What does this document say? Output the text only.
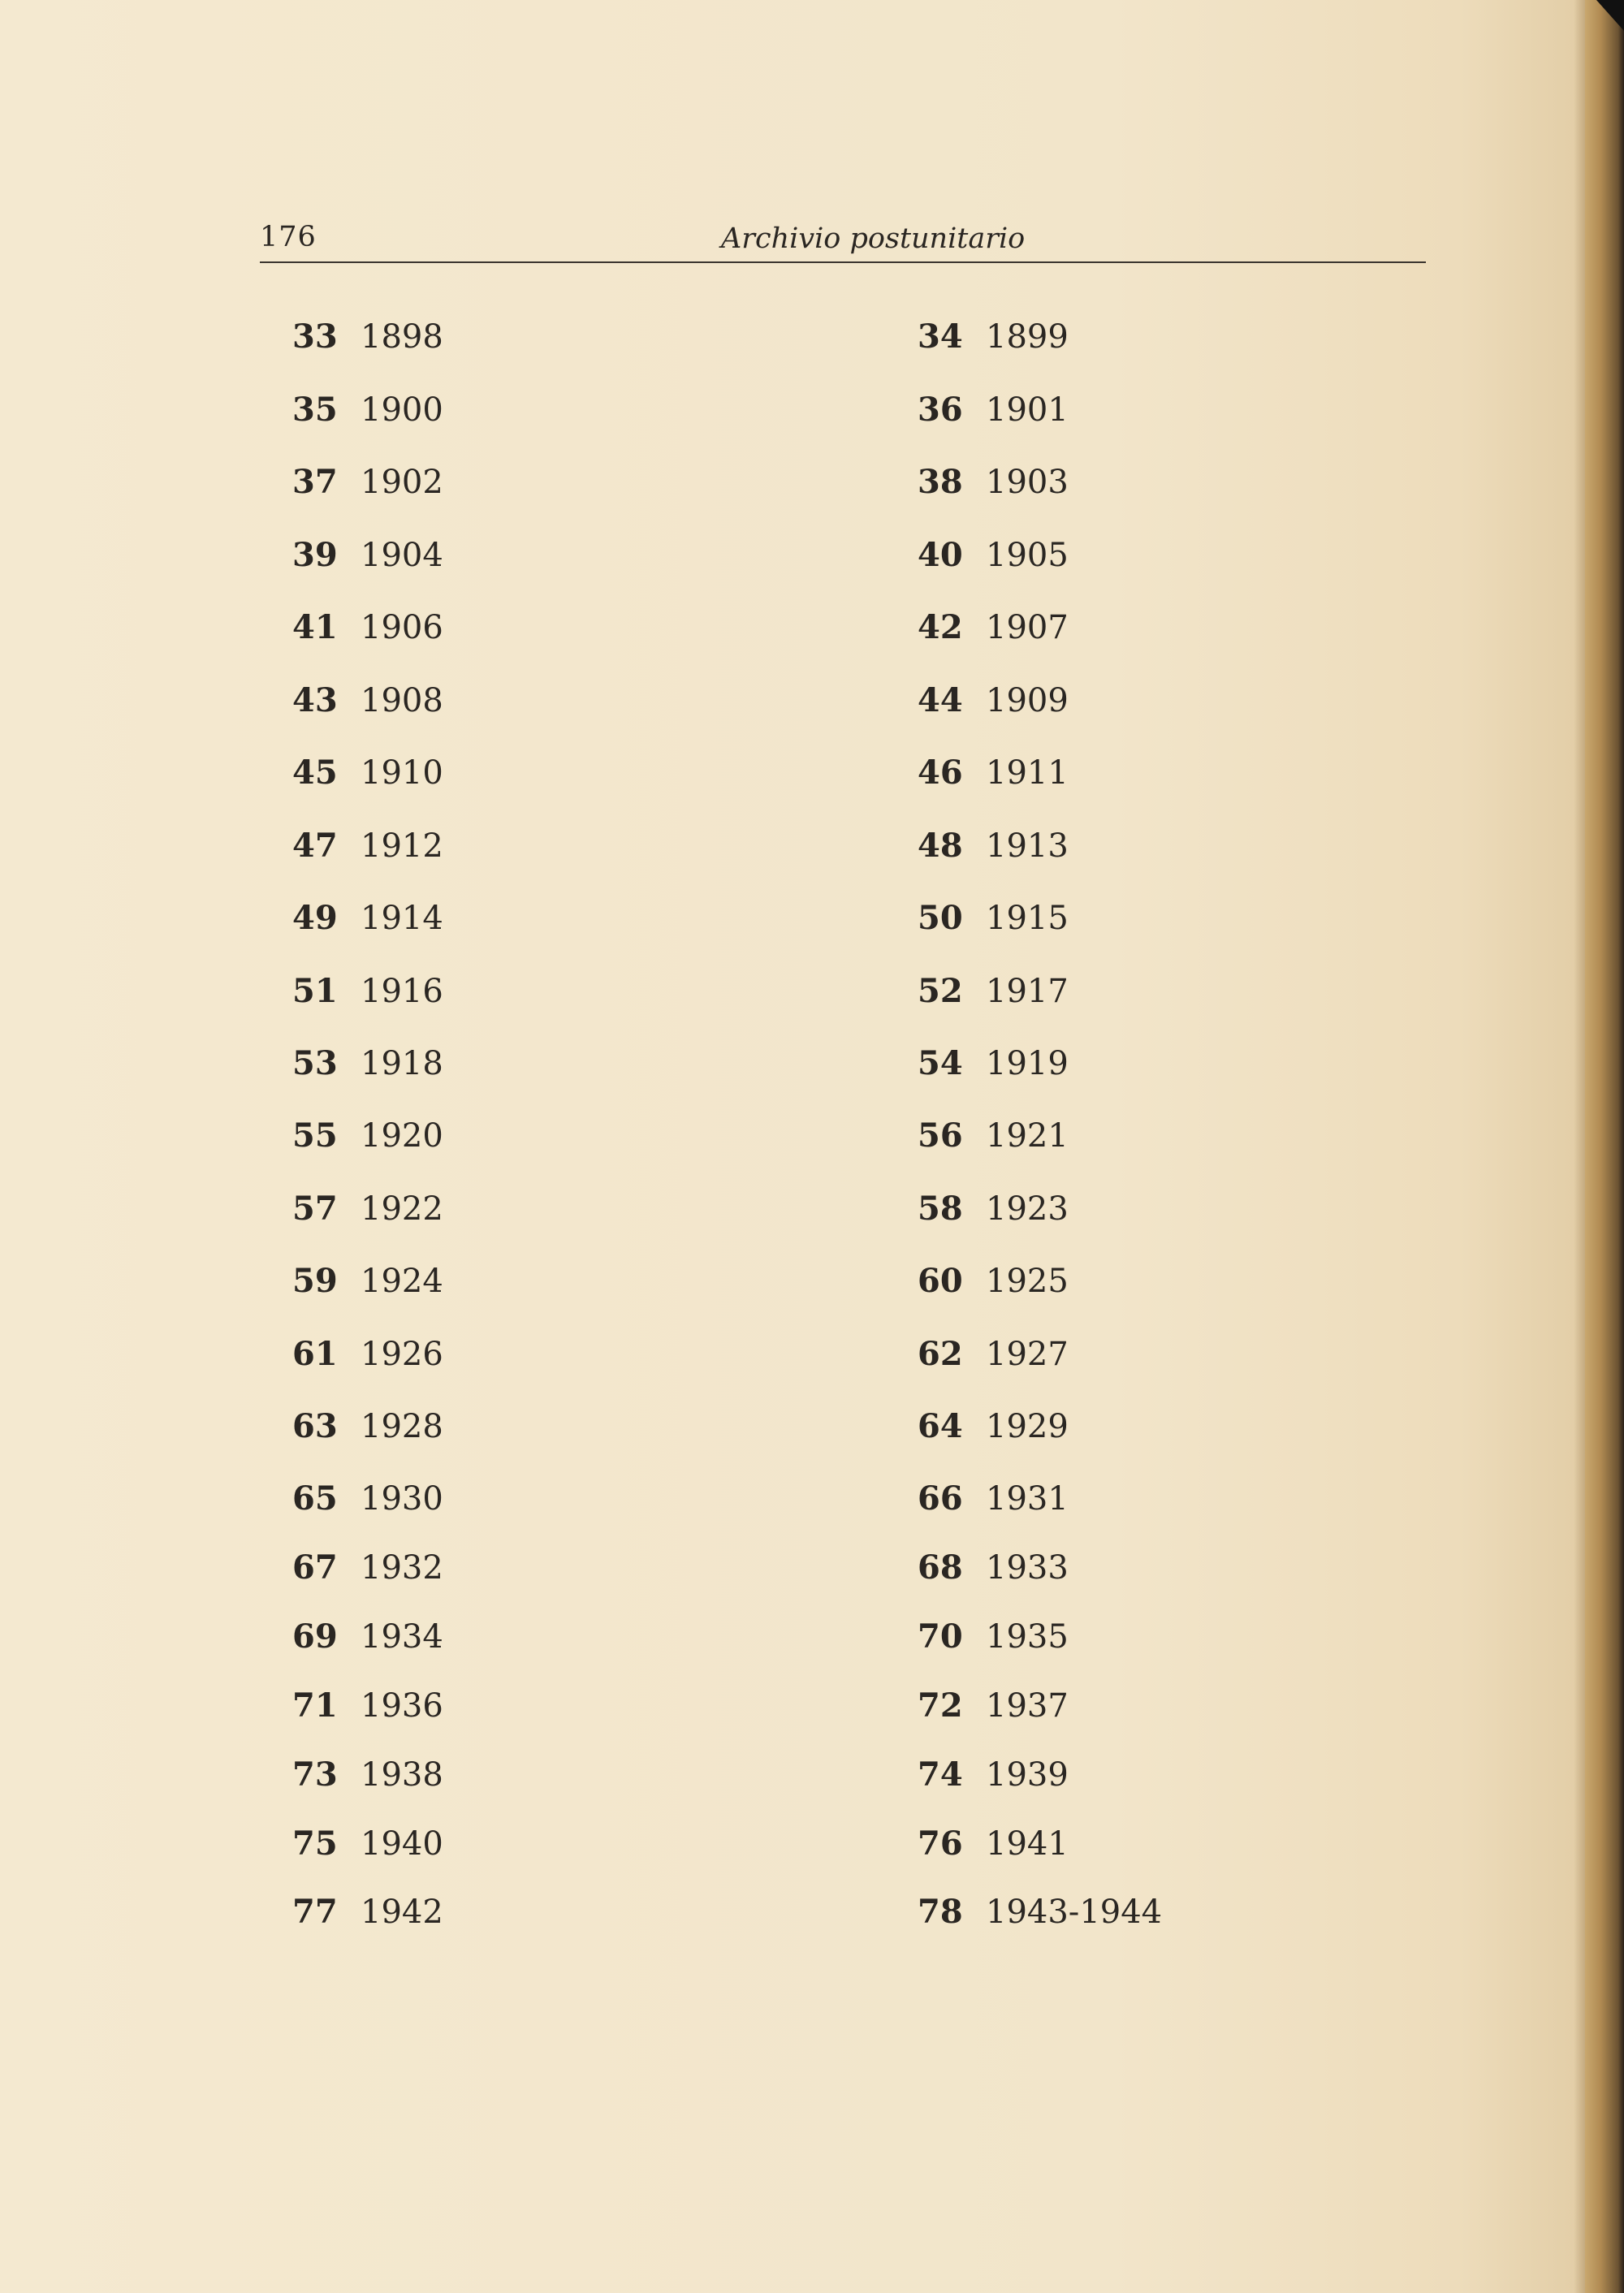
176	Archivio postunitario
33 1898
35 1900
37 1902
39 1904
41 1906
43 1908
45 1910
47 1912
49 1914
51 1916
53 1918
55 1920
57 1922
59 1924
61 1926
63 1928
65 1930
67 1932
69 1934
71 1936
73 1938
75 1940
77 1942
34 1899
36 1901
38 1903
40 1905
42 1907
44 1909
46 1911
48 1913
50 1915
52 1917
54 1919
56 1921
58 1923
60 1925
62 1927
64 1929
66 1931
68 1933
70 1935
72 1937
74 1939
76 1941
78 1943-1944
